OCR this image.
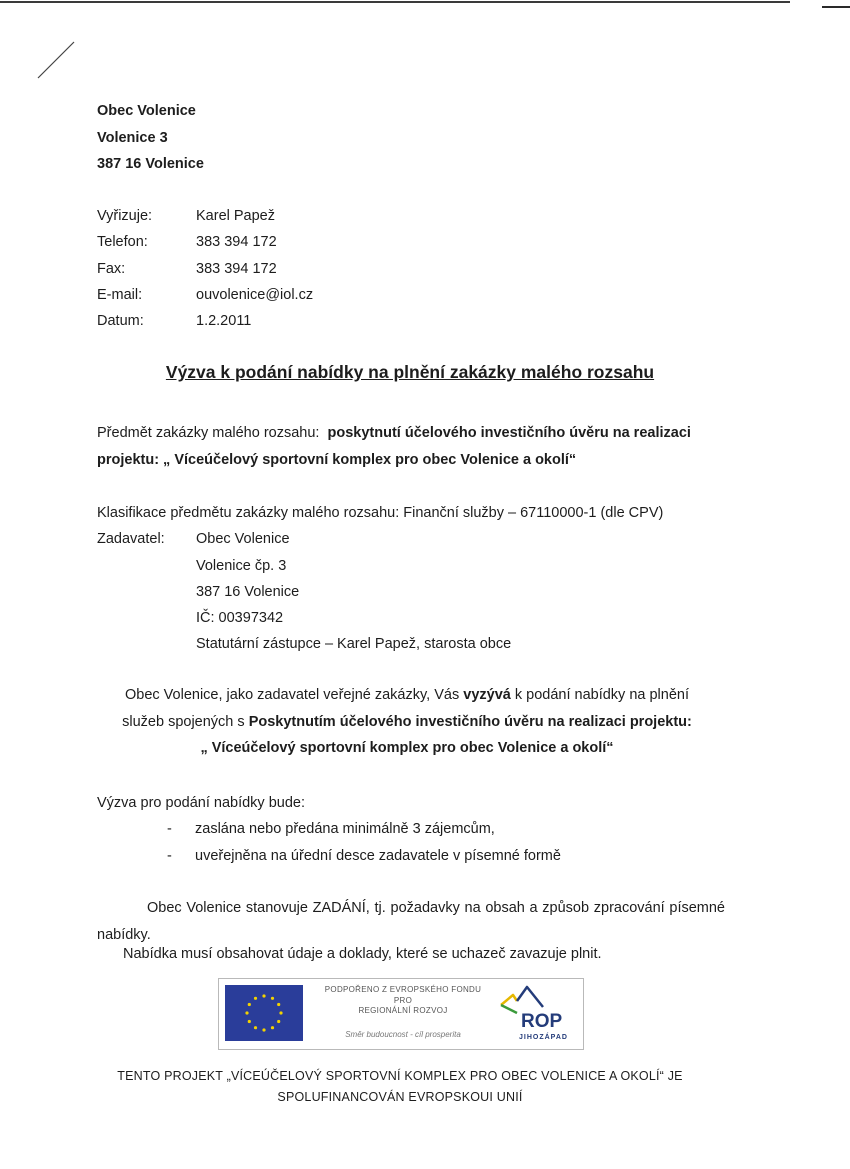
Obec Volenice
Volenice 3
387 16 Volenice
Vyřizuje:	Karel Papež
Telefon:	383 394 172
Fax:	383 394 172
E-mail:	ouvolenice@iol.cz
Datum:	1.2.2011
Výzva k podání nabídky na plnění zakázky malého rozsahu
Předmět zakázky malého rozsahu: poskytnutí účelového investičního úvěru na realizaci
projektu: „ Víceúčelový sportovní komplex pro obec Volenice a okolí“
Klasifikace předmětu zakázky malého rozsahu: Finanční služby – 67110000-1 (dle CPV)
Zadavatel:	Obec Volenice
Volenice čp. 3
387 16 Volenice
IČ: 00397342
Statutární zástupce – Karel Papež, starosta obce
Obec Volenice, jako zadavatel veřejné zakázky, Vás vyzývá k podání nabídky na plnění
služeb spojených s Poskytnutím účelového investičního úvěru na realizaci projektu:
„ Víceúčelový sportovní komplex pro obec Volenice a okolí“
Výzva pro podání nabídky bude:
-	zaslána nebo předána minimálně 3 zájemcům,
-	uveřejněna na úřední desce zadavatele v písemné formě

Obec Volenice stanovuje ZADÁNÍ, tj. požadavky na obsah a způsob zpracování písemné nabídky.

Nabídka musí obsahovat údaje a doklady, které se uchazeč zavazuje plnit.
PODPOŘENO Z EVROPSKÉHO FONDU
PRO
REGIONÁLNÍ ROZVOJ
Směr budoucnost - cíl prosperita
ROP
JIHOZÁPAD
TENTO PROJEKT „VÍCEÚČELOVÝ SPORTOVNÍ KOMPLEX PRO OBEC VOLENICE A OKOLÍ“ JE
SPOLUFINANCOVÁN EVROPSKOUI UNIÍ
